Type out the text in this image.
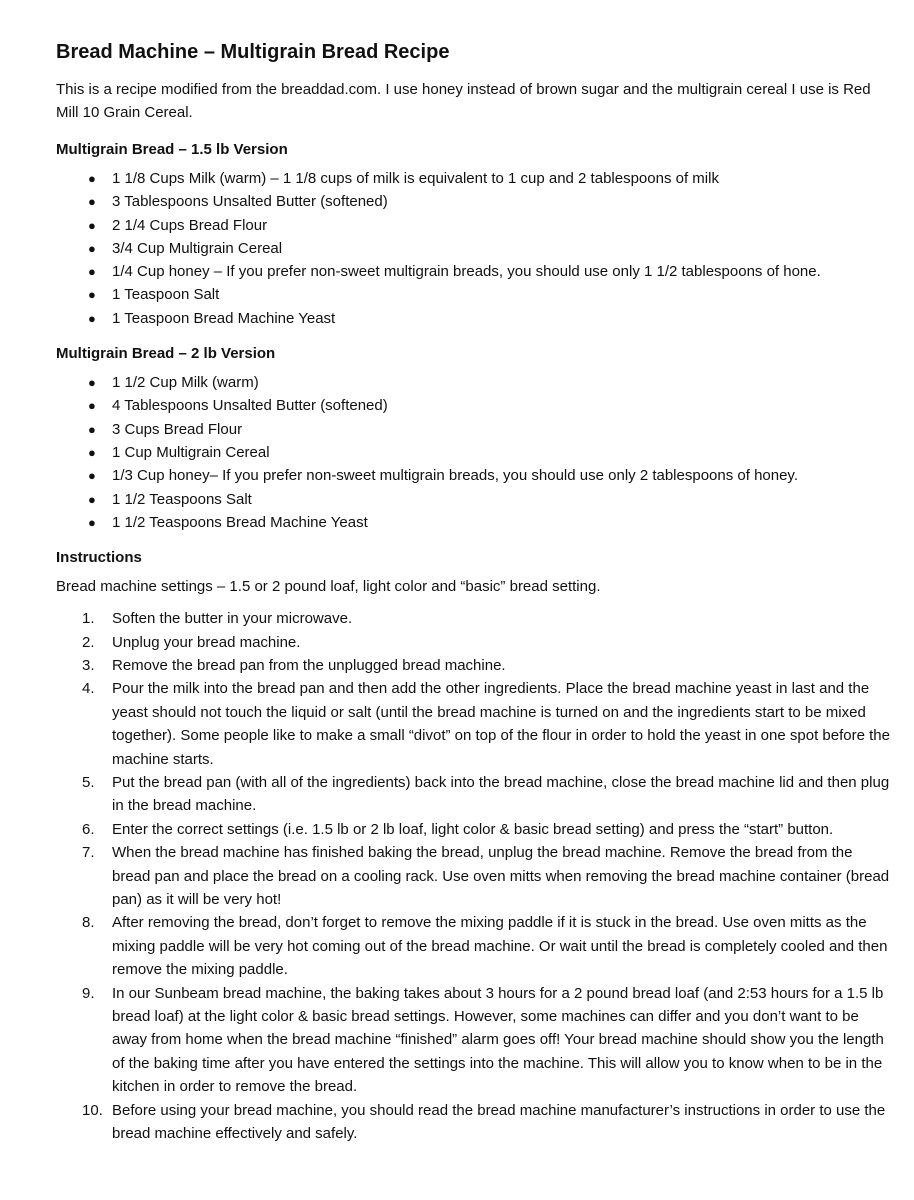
Bread Machine – Multigrain Bread Recipe
This is a recipe modified from the breaddad.com. I use honey instead of brown sugar and the multigrain cereal I use is Red Mill 10 Grain Cereal.
Multigrain Bread – 1.5 lb Version
● 1 1/8 Cups Milk (warm) – 1 1/8 cups of milk is equivalent to 1 cup and 2 tablespoons of milk
● 3 Tablespoons Unsalted Butter (softened)
● 2 1/4 Cups Bread Flour
● 3/4 Cup Multigrain Cereal
● 1/4 Cup honey – If you prefer non-sweet multigrain breads, you should use only 1 1/2 tablespoons of hone.
● 1 Teaspoon Salt
● 1 Teaspoon Bread Machine Yeast
Multigrain Bread – 2 lb Version
● 1 1/2 Cup Milk (warm)
● 4 Tablespoons Unsalted Butter (softened)
● 3 Cups Bread Flour
● 1 Cup Multigrain Cereal
● 1/3 Cup honey– If you prefer non-sweet multigrain breads, you should use only 2 tablespoons of honey.
● 1 1/2 Teaspoons Salt
● 1 1/2 Teaspoons Bread Machine Yeast
Instructions
Bread machine settings – 1.5 or 2 pound loaf, light color and “basic” bread setting.
1. Soften the butter in your microwave.
2. Unplug your bread machine.
3. Remove the bread pan from the unplugged bread machine.
4. Pour the milk into the bread pan and then add the other ingredients. Place the bread machine yeast in last and the yeast should not touch the liquid or salt (until the bread machine is turned on and the ingredients start to be mixed together). Some people like to make a small “divot” on top of the flour in order to hold the yeast in one spot before the machine starts.
5. Put the bread pan (with all of the ingredients) back into the bread machine, close the bread machine lid and then plug in the bread machine.
6. Enter the correct settings (i.e. 1.5 lb or 2 lb loaf, light color & basic bread setting) and press the “start” button.
7. When the bread machine has finished baking the bread, unplug the bread machine. Remove the bread from the bread pan and place the bread on a cooling rack. Use oven mitts when removing the bread machine container (bread pan) as it will be very hot!
8. After removing the bread, don’t forget to remove the mixing paddle if it is stuck in the bread. Use oven mitts as the mixing paddle will be very hot coming out of the bread machine. Or wait until the bread is completely cooled and then remove the mixing paddle.
9. In our Sunbeam bread machine, the baking takes about 3 hours for a 2 pound bread loaf (and 2:53 hours for a 1.5 lb bread loaf) at the light color & basic bread settings. However, some machines can differ and you don’t want to be away from home when the bread machine “finished” alarm goes off! Your bread machine should show you the length of the baking time after you have entered the settings into the machine. This will allow you to know when to be in the kitchen in order to remove the bread.
10. Before using your bread machine, you should read the bread machine manufacturer’s instructions in order to use the bread machine effectively and safely.
